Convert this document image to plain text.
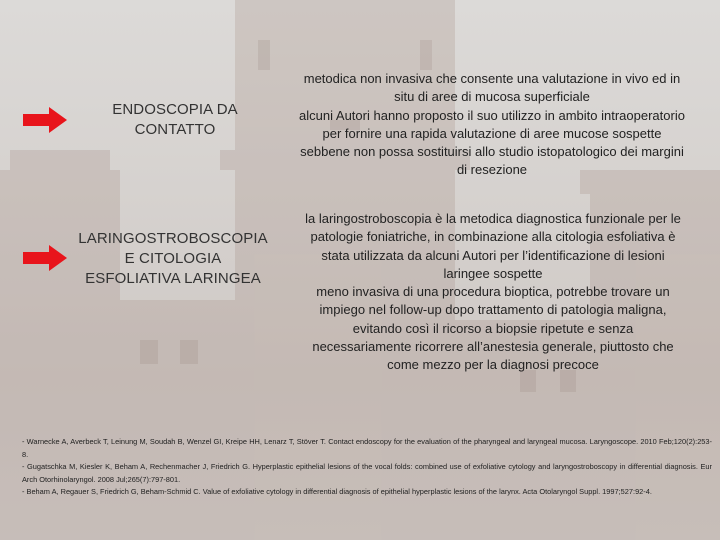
ENDOSCOPIA DA
CONTATTO
metodica non invasiva che consente una valutazione in vivo ed in
situ di aree di mucosa superficiale
alcuni Autori hanno proposto il suo utilizzo in ambito intraoperatorio
per fornire una rapida valutazione di aree mucose sospette
sebbene non possa sostituirsi allo studio istopatologico dei margini
di resezione
LARINGOSTROBOSCOPIA
E CITOLOGIA
ESFOLIATIVA LARINGEA
la laringostroboscopia è la metodica diagnostica funzionale per le
patologie foniatriche, in combinazione alla citologia esfoliativa è
stata utilizzata da alcuni Autori per l’identificazione di lesioni
laringee sospette
meno invasiva di una procedura bioptica, potrebbe trovare un
impiego nel follow-up dopo trattamento di patologia maligna,
evitando così il ricorso a biopsie ripetute e senza
necessariamente ricorrere all’anestesia generale, piuttosto che
come mezzo per la diagnosi precoce

- Warnecke A, Averbeck T, Leinung M, Soudah B, Wenzel GI, Kreipe HH, Lenarz T, Stöver T. Contact endoscopy for the evaluation of the pharyngeal and laryngeal mucosa. Laryngoscope. 2010 Feb;120(2):253-8.

- Gugatschka M, Kiesler K, Beham A, Rechenmacher J, Friedrich G. Hyperplastic epithelial lesions of the vocal folds: combined use of exfoliative cytology and laryngostroboscopy in differential diagnosis. Eur Arch Otorhinolaryngol. 2008 Jul;265(7):797-801.

- Beham A, Regauer S, Friedrich G, Beham-Schmid C. Value of exfoliative cytology in differential diagnosis of epithelial hyperplastic lesions of the larynx. Acta Otolaryngol Suppl. 1997;527:92-4.
